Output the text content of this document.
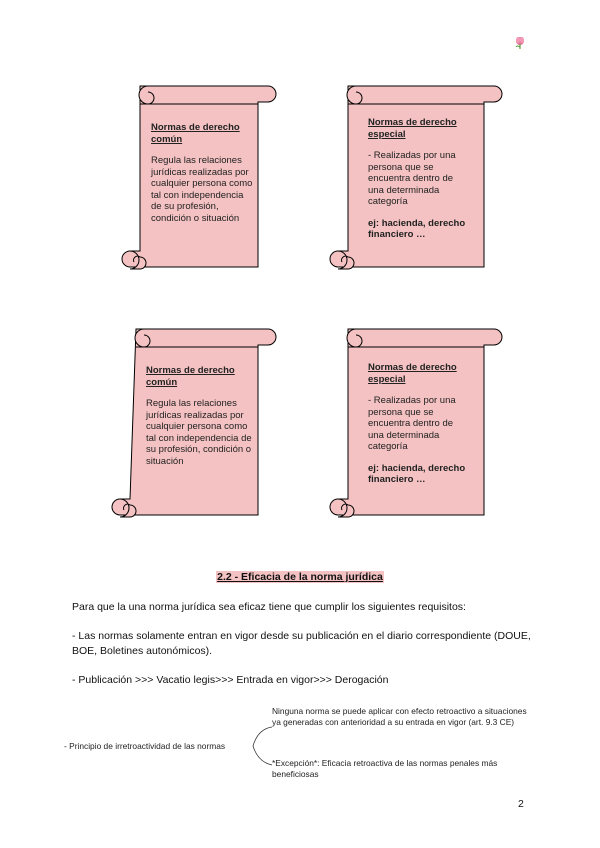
Normas de derecho común

Regula las relaciones jurídicas realizadas por cualquier persona como tal con independencia de su profesión, condición o situación

Normas de derecho especial

- Realizadas por una persona que se encuentra dentro de una determinada categoría

ej: hacienda, derecho financiero …

Normas de derecho común

Regula las relaciones jurídicas realizadas por cualquier persona como tal con independencia de su profesión, condición o situación

Normas de derecho especial

- Realizadas por una persona que se encuentra dentro de una determinada categoría

ej: hacienda, derecho financiero …

2.2 - Eficacia de la norma jurídica
Para que la una norma jurídica sea eficaz tiene que cumplir los siguientes requisitos:
- Las normas solamente entran en vigor desde su publicación en el diario correspondiente (DOUE, BOE, Boletines autonómicos).
- Publicación >>> Vacatio legis>>> Entrada en vigor>>> Derogación
- Principio de irretroactividad de las normas
Ninguna norma se puede aplicar con efecto retroactivo a situaciones ya generadas con anterioridad a su entrada en vigor (art. 9.3 CE)
*Excepción*: Eficacia retroactiva de las normas penales más beneficiosas
2
